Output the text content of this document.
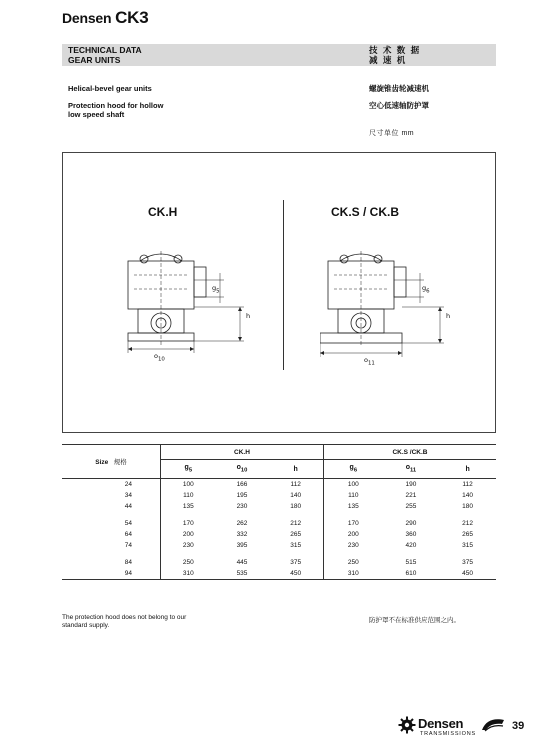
Densen CK3
TECHNICAL DATA
GEAR UNITS
技 术 数 据
减 速 机
Helical-bevel gear units
Protection hood for hollow
low speed shaft
螺旋锥齿轮减速机
空心低速轴防护罩
尺寸单位 mm
CK.H	CK.S / CK.B
$g_5$
h
$o_{10}$
$g_6$
h
$o_{11}$
Size 规格	CK.H			CK.S /CK.B		
	$g_5$	$o_{10}$	h	$g_6$	$o_{11}$	h
24	100	166	112	100	190	112
34	110	195	140	110	221	140
44	135	230	180	135	255	180

54	170	262	212	170	290	212
64	200	332	265	200	360	265
74	230	395	315	230	420	315

84	250	445	375	250	515	375
94	310	535	450	310	610	450
The protection hood does not belong to our
standard supply.
防护罩不在标准供应范围之内。
Densen
TRANSMISSIONS
39
